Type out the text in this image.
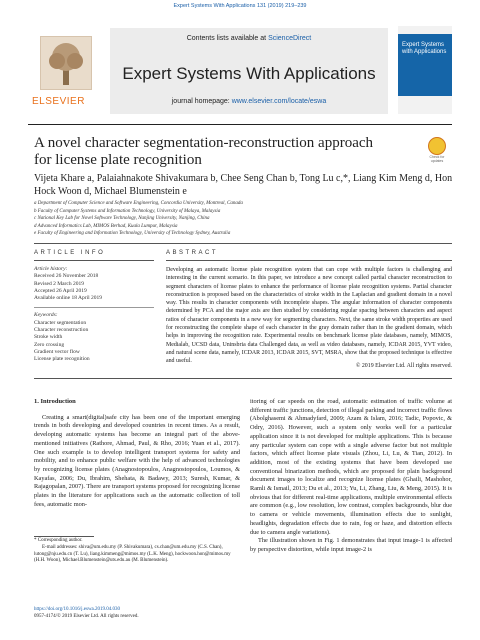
Expert Systems With Applications 131 (2019) 219–239
ELSEVIER
Contents lists available at ScienceDirect
Expert Systems With Applications
journal homepage: www.elsevier.com/locate/eswa
Expert Systems with Applications
A novel character segmentation-reconstruction approach for license plate recognition	Check for updates
Vijeta Khare a, Palaiahnakote Shivakumara b, Chee Seng Chan b, Tong Lu c,*, Liang Kim Meng d, Hon Hock Woon d, Michael Blumenstein e
a Department of Computer Science and Software Engineering, Concordia University, Montreal, Canada
b Faculty of Computer Systems and Information Technology, University of Malaya, Malaysia
c National Key Lab for Novel Software Technology, Nanjing University, Nanjing, China
d Advanced Informatics Lab, MIMOS Berhad, Kuala Lumpur, Malaysia
e Faculty of Engineering and Information Technology, University of Technology Sydney, Australia
ARTICLE INFO	ABSTRACT
Article history:
Received 26 November 2018
Revised 2 March 2019
Accepted 26 April 2019
Available online 18 April 2019
Keywords:
Character segmentation
Character reconstruction
Stroke width
Zero crossing
Gradient vector flow
License plate recognition
Developing an automatic license plate recognition system that can cope with multiple factors is challenging and interesting in the current scenario. In this paper, we introduce a new concept called partial character reconstruction to segment characters of license plates to enhance the performance of license plate recognition systems. Partial character reconstruction is proposed based on the characteristics of stroke width in the Laplacian and gradient domain in a novel way. This results in character components with incomplete shapes. The angular information of character components determined by PCA and the major axis are then studied by considering regular spacing between characters and aspect ratios of character components in a new way for segmenting characters. Next, the same stroke width properties are used for reconstructing the complete shape of each character in the gray domain rather than in the gradient domain, which helps in improving the recognition rate. Experimental results on benchmark license plate databases, namely, MIMOS, Medialab, UCSD data, Uninsbria data Challenged data, as well as video databases, namely, ICDAR 2015, YVT video, and natural scene data, namely, ICDAR 2013, ICDAR 2015, SVT, MSRA, show that the proposed technique is effective and useful.
© 2019 Elsevier Ltd. All rights reserved.
1. Introduction
Creating a smart(digital)safe city has been one of the important emerging trends in both developing and developed countries in recent times. As a result, developing automatic systems has become an integral part of the above-mentioned initiatives (Rathore, Ahmad, Paul, & Rho, 2016; Yuan et al., 2017). One such example is to develop intelligent transport systems for safety and mobility, and to enhance public welfare with the help of advanced technologies by recognizing license plates (Anagnostopoulos, Anagnostopoulos, Loumos, & Kayafas, 2006; Du, Ibrahim, Shehata, & Badawy, 2013; Suresh, Kumar, & Rajagopalan, 2007). There are transport systems proposed for recognizing license plates in the literature for applications such as the automatic collection of toll fees, automatic mon-
itoring of car speeds on the road, automatic estimation of traffic volume at different traffic junctions, detection of illegal parking and incorrect traffic flows (Abolghasemi & Ahmadyfard, 2009; Azam & Islam, 2016; Tadic, Popovic, & Odry, 2016). However, such a system only works well for a particular application since it is not developed for multiple applications. This is because any particular system can cope with a single adverse factor but not multiple factors, which affect license plate visuals (Zhou, Li, Lu, & Tian, 2012). In addition, most of the existing systems that have been developed use conventional binarization methods, which are proposed for plain background document images to localize and recognize license plates (Ghaili, Mashohor, Ramli & Ismail, 2013; Du et al., 2013; Yu, Li, Zhang, Liu, & Meng, 2015). It is obvious that for different real-time applications, multiple environmental effects are common (e.g., low resolution, low contrast, complex backgrounds, blur due to camera or vehicle movements, illumination effects due to sunlight, headlights, degradation effects due to rain, fog or haze, and distortion effects due to camera angle variations).
The illustration shown in Fig. 1 demonstrates that input image-1 is affected by perspective distortion, while input image-2 is
* Corresponding author.
E-mail addresses: shiva@um.edu.my (P. Shivakumara), cs.chan@um.edu.my (C.S. Chan), lutong@nju.edu.cn (T. Lu), liang.kimmeng@mimos.my (L.K. Meng), hockwoon.hon@mimos.my (H.H. Woon), Michael.Blumenstein@uts.edu.au (M. Blumenstein).
https://doi.org/10.1016/j.eswa.2019.04.030
0957-4174/© 2019 Elsevier Ltd. All rights reserved.
